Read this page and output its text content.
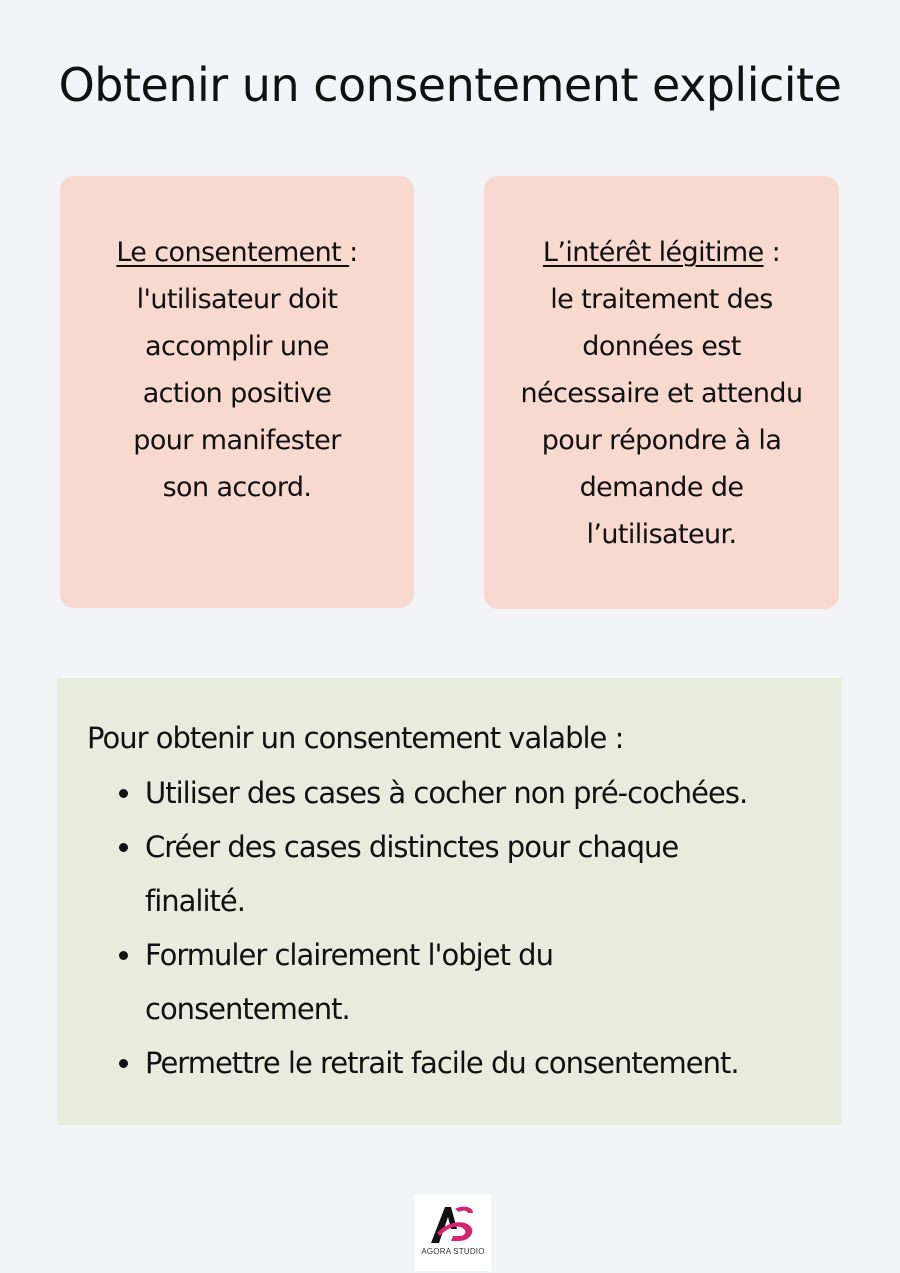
Obtenir un consentement explicite
L’intérêt légitime :
le traitement des
données est
nécessaire et attendu
pour répondre à la
demande de
l’utilisateur.
Le consentement :
l'utilisateur doit
accomplir une
action positive
pour manifester
son accord.

Pour obtenir un consentement valable :

Utiliser des cases à cocher non pré-cochées.
Créer des cases distinctes pour chaque finalité.
Formuler clairement l'objet du consentement.
Permettre le retrait facile du consentement.
AGORA STUDIO
